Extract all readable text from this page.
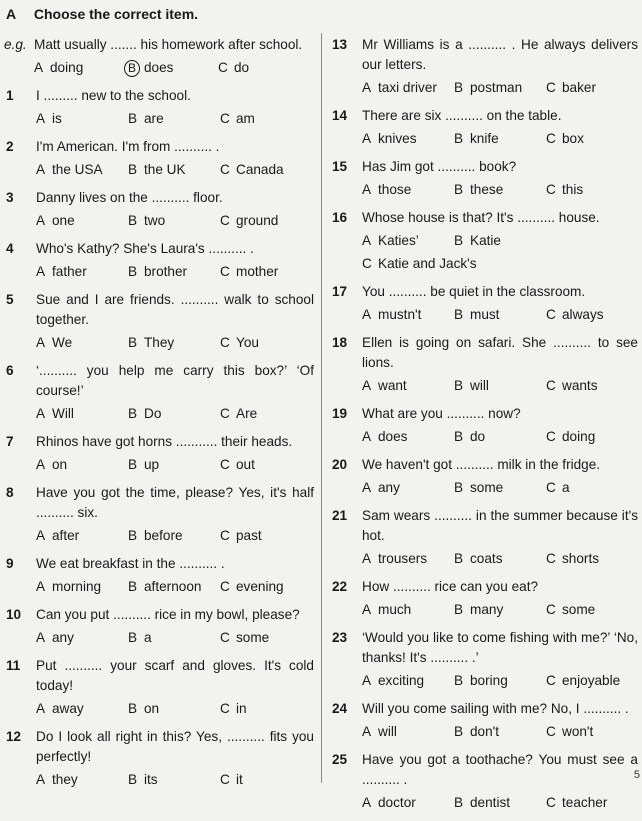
A Choose the correct item.
e.g. Matt usually ....... his homework after school.
A doing	B does	C do
1	I ......... new to the school.
A is	B are	C am
2	I'm American. I'm from .......... .
A the USA B the UK	C Canada
3	Danny lives on the .......... floor.
A one	B two	C ground
4	Who's Kathy? She's Laura's .......... .
A father	B brother C mother
5	Sue and I are friends. .......... walk to school together.
A We	B They	C You
6	‘.......... you help me carry this box?’ ‘Of course!’
A Will	B Do	C Are
7	Rhinos have got horns ........... their heads.
A on	B up	C out
8	Have you got the time, please? Yes, it's half .......... six.
A after	B before	C past
9	We eat breakfast in the .......... .
A morning B afternoon C evening
10	Can you put .......... rice in my bowl, please?
A any	B a	C some
11	Put .......... your scarf and gloves. It's cold today!
A away	B on	C in
12	Do I look all right in this? Yes, .......... fits you perfectly!
A they	B its	C it
13	Mr Williams is a .......... . He always delivers our letters.
A taxi driver B postman C baker
14	There are six .......... on the table.
A knives	B knife	C box
15	Has Jim got .......... book?
A those	B these	C this
16	Whose house is that? It's .......... house.
A Katies’	B Katie
C Katie and Jack's
17	You .......... be quiet in the classroom.
A mustn't B must	C always
18	Ellen is going on safari. She .......... to see lions.
A want	B will	C wants
19	What are you .......... now?
A does	B do	C doing
20	We haven't got .......... milk in the fridge.
A any	B some	C a
21	Sam wears .......... in the summer because it's hot.
A trousers B coats	C shorts
22	How .......... rice can you eat?
A much	B many	C some
23	‘Would you like to come fishing with me?’ ‘No, thanks! It's .......... .’
A exciting B boring	C enjoyable
24	Will you come sailing with me? No, I .......... .
A will	B don't	C won't
25	Have you got a toothache? You must see a .......... .
A doctor	B dentist	C teacher
5
